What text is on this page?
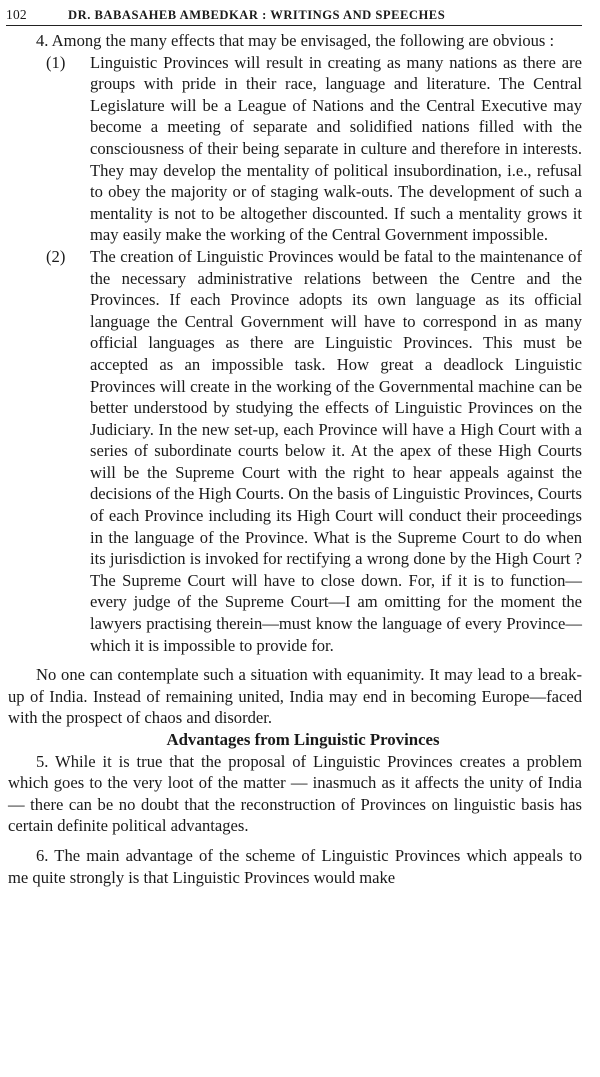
102	DR. BABASAHEB AMBEDKAR : WRITINGS AND SPEECHES

4. Among the many effects that may be envisaged, the following are obvious :

(1)	Linguistic Provinces will result in creating as many nations as there are groups with pride in their race, language and literature. The Central Legislature will be a League of Nations and the Central Executive may become a meeting of separate and solidified nations filled with the consciousness of their being separate in culture and therefore in interests. They may develop the mentality of political insubordination, i.e., refusal to obey the majority or of staging walk-outs. The development of such a mentality is not to be altogether discounted. If such a mentality grows it may easily make the working of the Central Government impossible.

(2)	The creation of Linguistic Provinces would be fatal to the maintenance of the necessary administrative relations between the Centre and the Provinces. If each Province adopts its own language as its official language the Central Government will have to correspond in as many official languages as there are Linguistic Provinces. This must be accepted as an impossible task. How great a deadlock Linguistic Provinces will create in the working of the Governmental machine can be better understood by studying the effects of Linguistic Provinces on the Judiciary. In the new set-up, each Province will have a High Court with a series of subordinate courts below it. At the apex of these High Courts will be the Supreme Court with the right to hear appeals against the decisions of the High Courts. On the basis of Linguistic Provinces, Courts of each Province including its High Court will conduct their proceedings in the language of the Province. What is the Supreme Court to do when its jurisdiction is invoked for rectifying a wrong done by the High Court ? The Supreme Court will have to close down. For, if it is to function—every judge of the Supreme Court—I am omitting for the moment the lawyers practising therein—must know the language of every Province—which it is impossible to provide for.

No one can contemplate such a situation with equanimity. It may lead to a break-up of India. Instead of remaining united, India may end in becoming Europe—faced with the prospect of chaos and disorder.

Advantages from Linguistic Provinces

5. While it is true that the proposal of Linguistic Provinces creates a problem which goes to the very loot of the matter — inasmuch as it affects the unity of India — there can be no doubt that the reconstruction of Provinces on linguistic basis has certain definite political advantages.

6. The main advantage of the scheme of Linguistic Provinces which appeals to me quite strongly is that Linguistic Provinces would make
